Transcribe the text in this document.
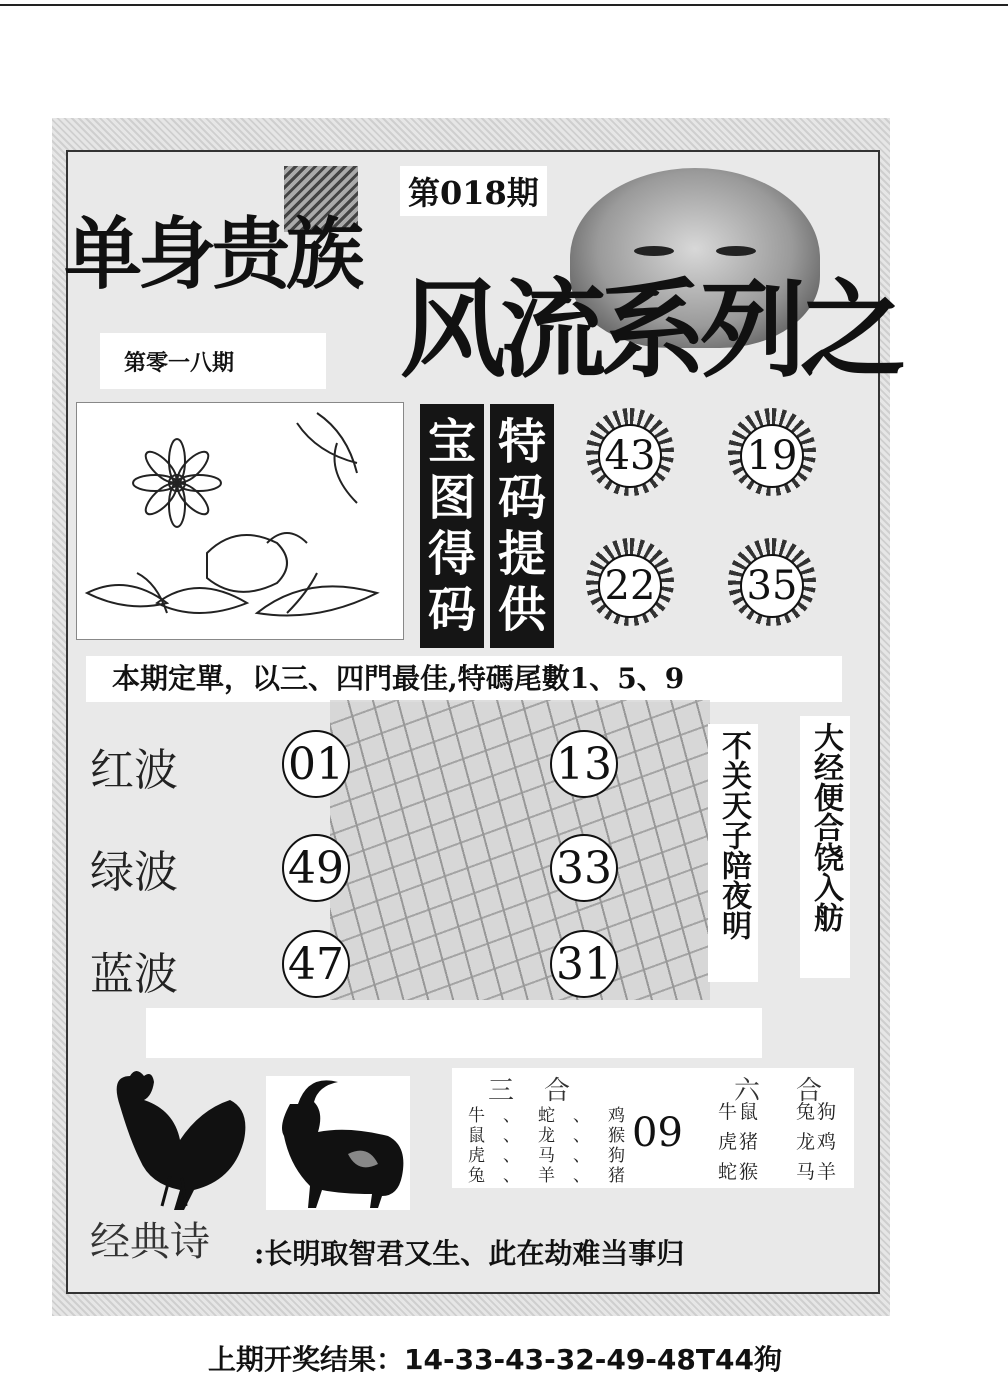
单身贵族
第零一八期
第018期
风流系列之
宝
图
得
码
特
码
提
供
43 19
22 35
本期定單，以三、四門最佳,特碼尾數1、5、9
红波	01	13
绿波	49	33
蓝波	47	31
不关天子陪夜明 大经便合饶入舫
三合
牛、蛇、鸡
鼠、龙、猴
虎、马、狗
兔、羊、猪
09
六合
牛鼠 兔狗
虎猪 龙鸡
蛇猴 马羊
经典诗 :长明取智君又生、此在劫难当事归
上期开奖结果：14-33-43-32-49-48T44狗
